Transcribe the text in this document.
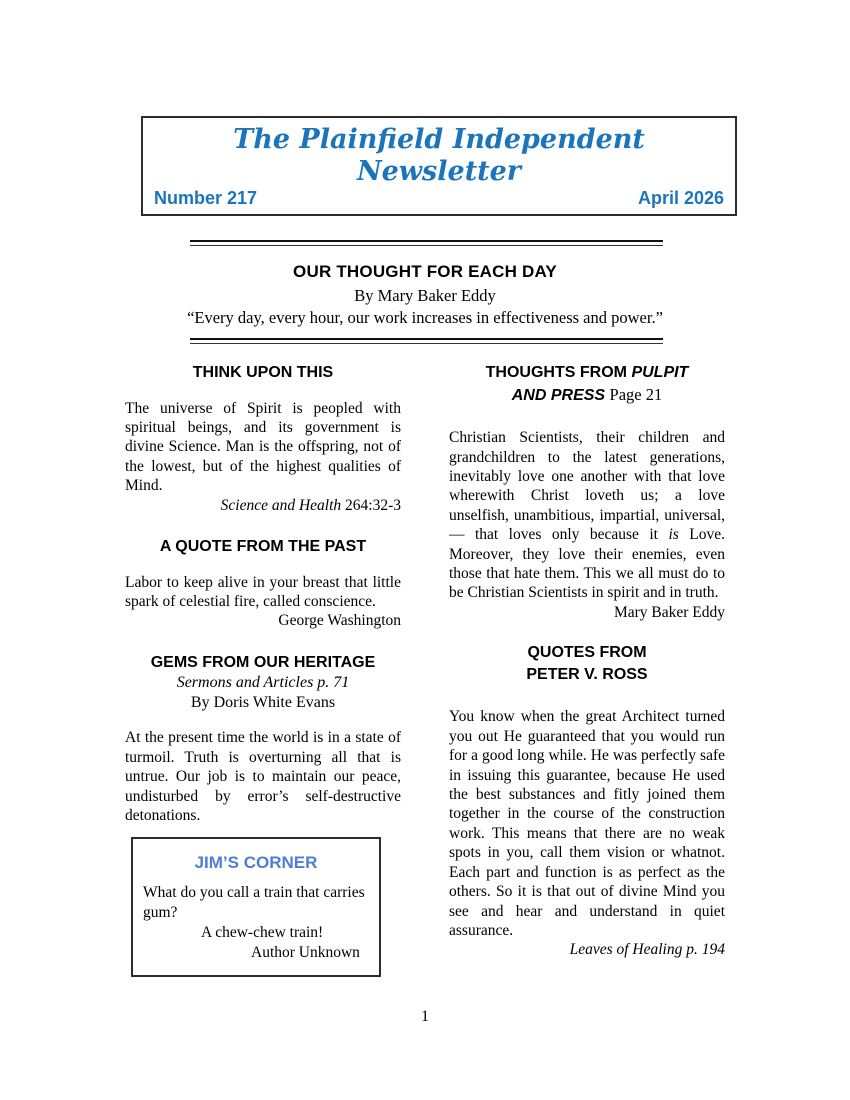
The Plainfield Independent
Newsletter
Number 217	April 2026
OUR THOUGHT FOR EACH DAY
By Mary Baker Eddy
“Every day, every hour, our work increases in effectiveness and power.”
THINK UPON THIS

The universe of Spirit is peopled with spiritual beings, and its government is divine Science. Man is the offspring, not of the lowest, but of the highest qualities of Mind.

Science and Health 264:32-3
A QUOTE FROM THE PAST

Labor to keep alive in your breast that little spark of celestial fire, called conscience.

George Washington
GEMS FROM OUR HERITAGE
Sermons and Articles p. 71
By Doris White Evans

At the present time the world is in a state of turmoil. Truth is overturning all that is untrue. Our job is to maintain our peace, undisturbed by error’s self-destructive detonations.

JIM’S CORNER
What do you call a train that carries gum?
A chew-chew train!
Author Unknown
THOUGHTS FROM PULPIT
AND PRESS Page 21

Christian Scientists, their children and grandchildren to the latest generations, inevitably love one another with that love wherewith Christ loveth us; a love unselfish, unambitious, impartial, universal,— that loves only because it is Love. Moreover, they love their enemies, even those that hate them. This we all must do to be Christian Scientists in spirit and in truth.

Mary Baker Eddy
QUOTES FROM
PETER V. ROSS

You know when the great Architect turned you out He guaranteed that you would run for a good long while. He was perfectly safe in issuing this guarantee, because He used the best substances and fitly joined them together in the course of the construction work. This means that there are no weak spots in you, call them vision or whatnot. Each part and function is as perfect as the others. So it is that out of divine Mind you see and hear and understand in quiet assurance.

Leaves of Healing p. 194
1
